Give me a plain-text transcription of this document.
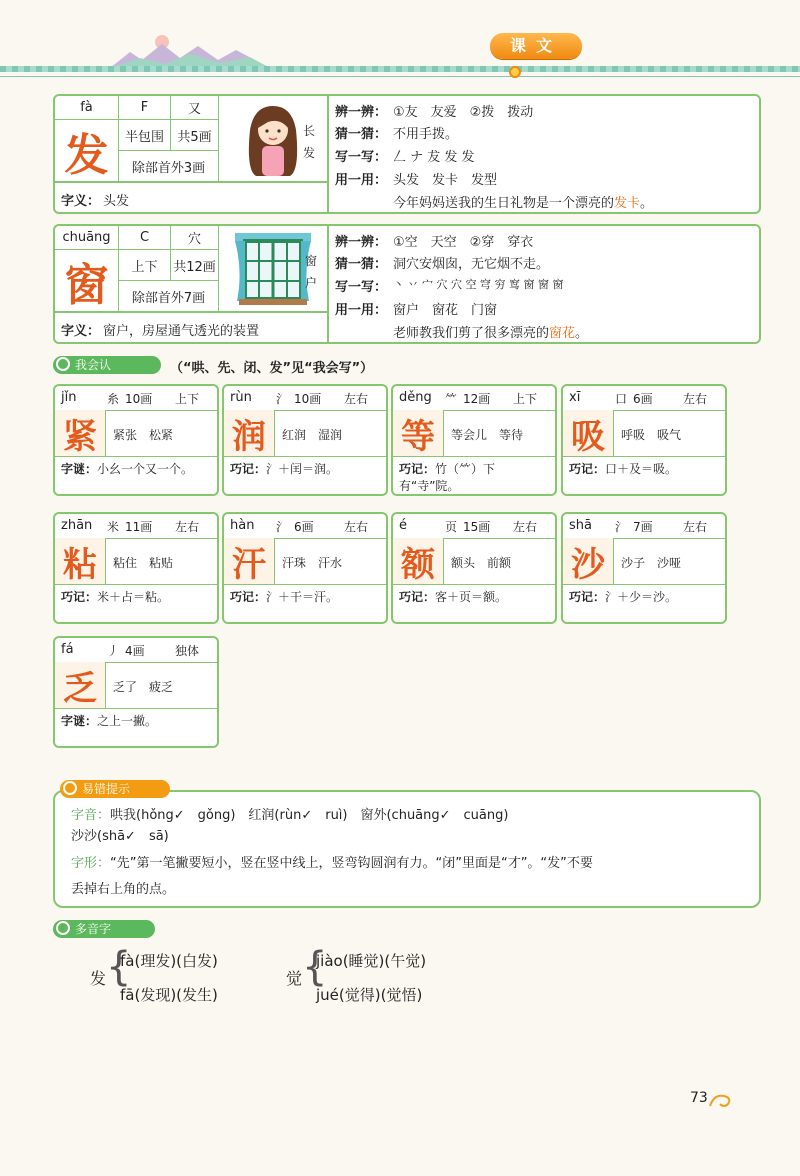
课文
fà	F	又
发	半包围	共5画
除部首外3画
长发
字义： 头发
辨一辨： ①友　友爱　②拨　拨动
猜一猜： 不用手拨。
写一写： 𠃋 ナ 犮 发 发
用一用： 头发　发卡　发型
今年妈妈送我的生日礼物是一个漂亮的发卡。
chuāng	C	穴
窗	上下	共12画
除部首外7画
窗户
字义： 窗户，房屋通气透光的装置
辨一辨： ①空　天空　②穿　穿衣
猜一猜： 洞穴安烟囱，无它烟不走。
写一写： 丶 丷 宀 穴 穴 空 穹 穷 窎 窗 窗 窗
用一用： 窗户　窗花　门窗
老师教我们剪了很多漂亮的窗花。
我会认	（“哄、先、闭、发”见“我会写”）
jǐn	糸 10画 上下
紧	紧张　松紧
字谜：小幺一个又一个。
rùn 氵 10画 左右
润	红润　湿润
巧记：氵＋闰＝润。
děng ⺮ 12画 上下
等	等会儿　等待
巧记：竹（⺮）下有“寺”院。
xī	口 6画	左右
吸	呼吸　吸气
巧记：口＋及＝吸。
zhān 米 11画 左右
粘	粘住　粘贴
巧记：米＋占＝粘。
hàn 氵 6画	左右
汗	汗珠　汗水
巧记：氵＋干＝汗。
é	页 15画 左右
额	额头　前额
巧记：客＋页＝额。
shā 氵 7画	左右
沙	沙子　沙哑
巧记：氵＋少＝沙。
fá	丿 4画	独体
乏	乏了　疲乏
字谜：之上一撇。
字音：哄我(hǒng✓　gǒng)　红润(rùn✓　ruì)　窗外(chuāng✓　cuāng)
沙沙(shā✓　sā)
字形：“先”第一笔撇要短小，竖在竖中线上，竖弯钩圆润有力。“闭”里面是“才”。“发”不要
丢掉右上角的点。
易错提示
多音字
发 {
fà(理发)(白发)
fā(发现)(发生)
觉 {
jiào(睡觉)(午觉)
jué(觉得)(觉悟)
73
